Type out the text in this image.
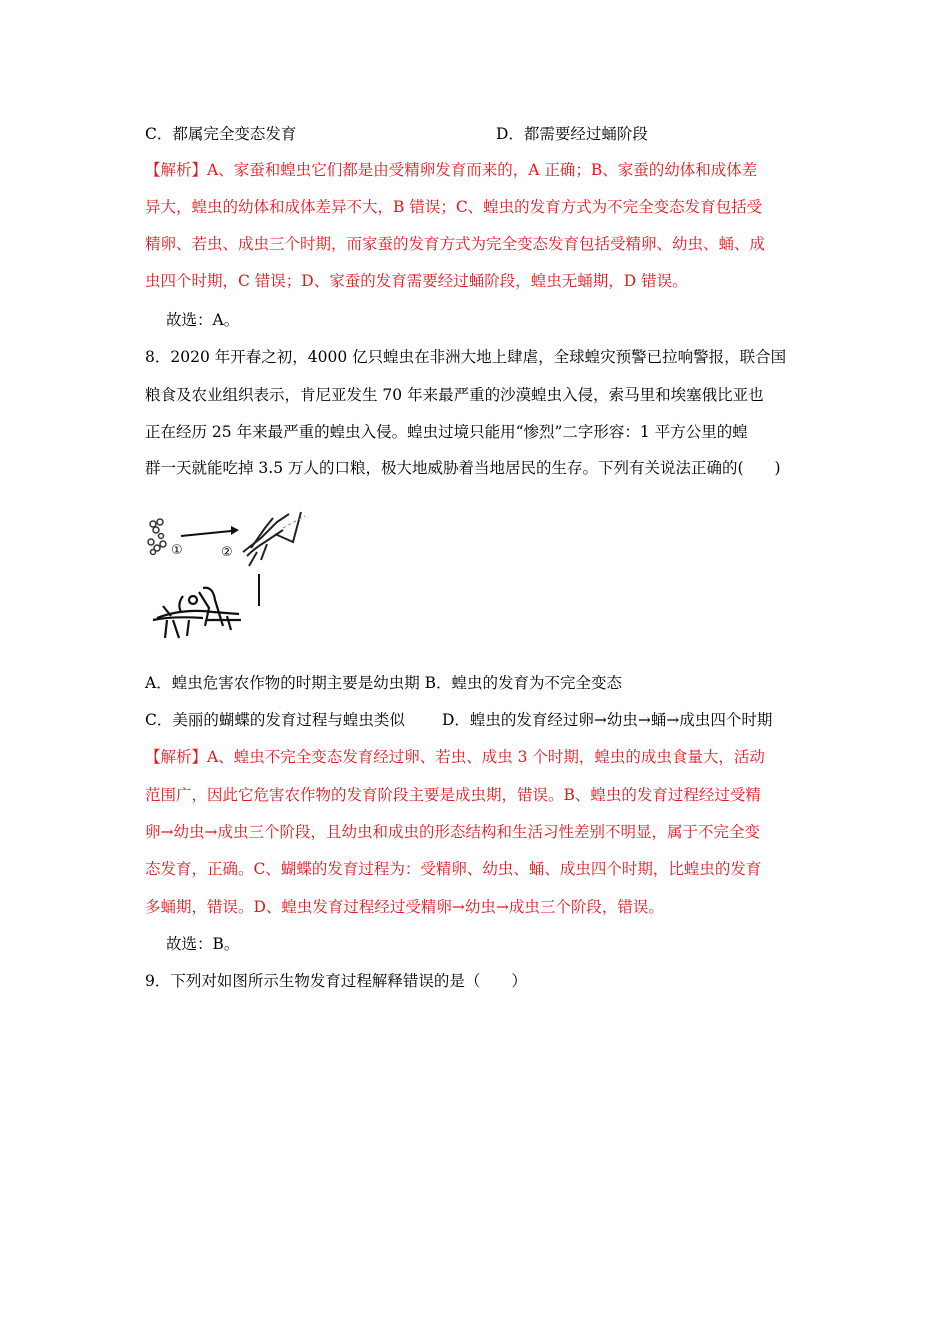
C．都属完全变态发育	D．都需要经过蛹阶段
【解析】A、家蚕和蝗虫它们都是由受精卵发育而来的，A 正确；B、家蚕的幼体和成体差
异大，蝗虫的幼体和成体差异不大，B 错误；C、蝗虫的发育方式为不完全变态发育包括受
精卵、若虫、成虫三个时期，而家蚕的发育方式为完全变态发育包括受精卵、幼虫、蛹、成
虫四个时期，C 错误；D、家蚕的发育需要经过蛹阶段，蝗虫无蛹期，D 错误。
故选：A。
8．2020 年开春之初，4000 亿只蝗虫在非洲大地上肆虐，全球蝗灾预警已拉响警报，联合国
粮食及农业组织表示，肯尼亚发生 70 年来最严重的沙漠蝗虫入侵，索马里和埃塞俄比亚也
正在经历 25 年来最严重的蝗虫入侵。蝗虫过境只能用“惨烈”二字形容：1 平方公里的蝗
群一天就能吃掉 3.5 万人的口粮，极大地威胁着当地居民的生存。下列有关说法正确的(　　)
①	②
A．蝗虫危害农作物的时期主要是幼虫期 B．蝗虫的发育为不完全变态
C．美丽的蝴蝶的发育过程与蝗虫类似 D．蝗虫的发育经过卵→幼虫→蛹→成虫四个时期
【解析】A、蝗虫不完全变态发育经过卵、若虫、成虫 3 个时期，蝗虫的成虫食量大，活动
范围广，因此它危害农作物的发育阶段主要是成虫期，错误。B、蝗虫的发育过程经过受精
卵→幼虫→成虫三个阶段，且幼虫和成虫的形态结构和生活习性差别不明显，属于不完全变
态发育，正确。C、蝴蝶的发育过程为：受精卵、幼虫、蛹、成虫四个时期，比蝗虫的发育
多蛹期，错误。D、蝗虫发育过程经过受精卵→幼虫→成虫三个阶段，错误。
故选：B。
9．下列对如图所示生物发育过程解释错误的是（　　）
